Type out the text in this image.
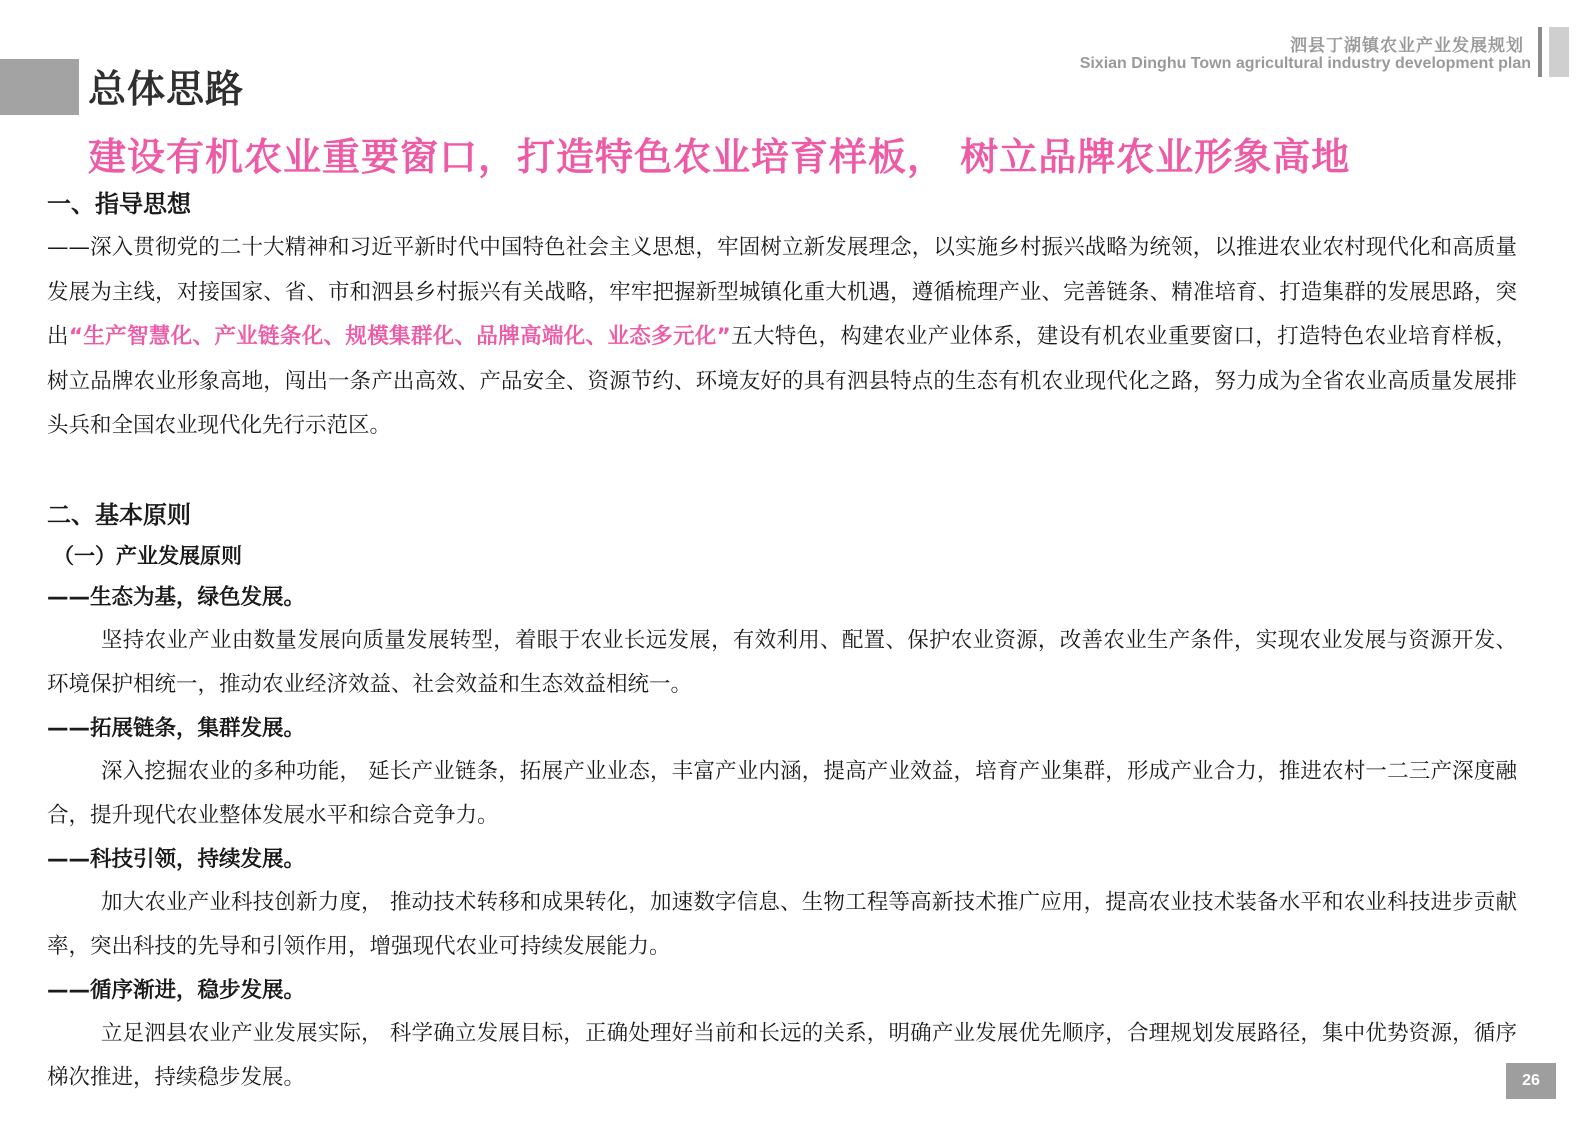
总体思路
泗县丁湖镇农业产业发展规划
Sixian Dinghu Town agricultural industry development plan
建设有机农业重要窗口，打造特色农业培育样板， 树立品牌农业形象高地
一、指导思想

——深入贯彻党的二十大精神和习近平新时代中国特色社会主义思想，牢固树立新发展理念，以实施乡村振兴战略为统领，以推进农业农村现代化和高质量发展为主线，对接国家、省、市和泗县乡村振兴有关战略，牢牢把握新型城镇化重大机遇，遵循梳理产业、完善链条、精准培育、打造集群的发展思路，突出“生产智慧化、产业链条化、规模集群化、品牌高端化、业态多元化”五大特色，构建农业产业体系，建设有机农业重要窗口，打造特色农业培育样板， 树立品牌农业形象高地，闯出一条产出高效、产品安全、资源节约、环境友好的具有泗县特点的生态有机农业现代化之路，努力成为全省农业高质量发展排头兵和全国农业现代化先行示范区。

二、基本原则
（一）产业发展原则
——生态为基，绿色发展。

坚持农业产业由数量发展向质量发展转型，着眼于农业长远发展，有效利用、配置、保护农业资源，改善农业生产条件，实现农业发展与资源开发、 环境保护相统一，推动农业经济效益、社会效益和生态效益相统一。

——拓展链条，集群发展。

深入挖掘农业的多种功能， 延长产业链条，拓展产业业态，丰富产业内涵，提高产业效益，培育产业集群，形成产业合力，推进农村一二三产深度融合，提升现代农业整体发展水平和综合竞争力。

——科技引领，持续发展。

加大农业产业科技创新力度， 推动技术转移和成果转化，加速数字信息、生物工程等高新技术推广应用，提高农业技术装备水平和农业科技进步贡献率，突出科技的先导和引领作用，增强现代农业可持续发展能力。

——循序渐进，稳步发展。

立足泗县农业产业发展实际， 科学确立发展目标，正确处理好当前和长远的关系，明确产业发展优先顺序，合理规划发展路径，集中优势资源，循序梯次推进，持续稳步发展。	26
